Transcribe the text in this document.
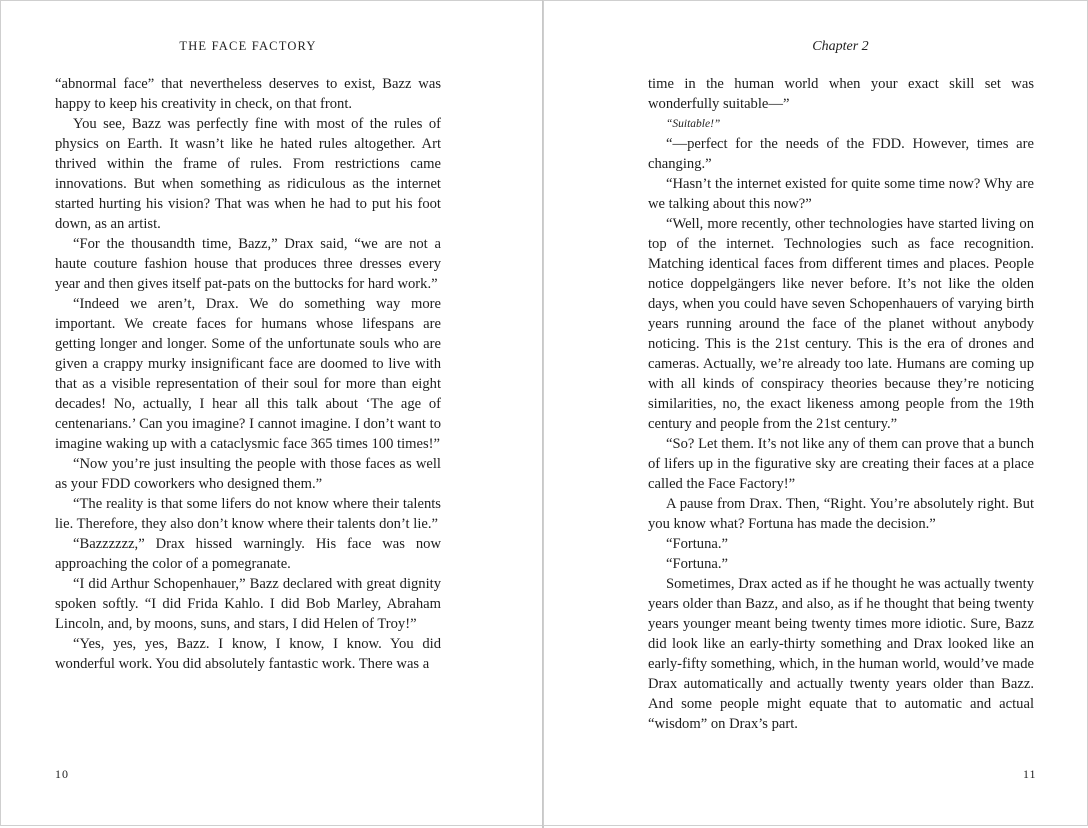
THE FACE FACTORY

“abnormal face” that nevertheless deserves to exist, Bazz was happy to keep his creativity in check, on that front.

You see, Bazz was perfectly fine with most of the rules of physics on Earth. It wasn’t like he hated rules altogether. Art thrived within the frame of rules. From restrictions came innovations. But when something as ridiculous as the internet started hurting his vision? That was when he had to put his foot down, as an artist.

“For the thousandth time, Bazz,” Drax said, “we are not a haute couture fashion house that produces three dresses every year and then gives itself pat-pats on the buttocks for hard work.”

“Indeed we aren’t, Drax. We do something way more important. We create faces for humans whose lifespans are getting longer and longer. Some of the unfortunate souls who are given a crappy murky insignificant face are doomed to live with that as a visible representation of their soul for more than eight decades! No, actually, I hear all this talk about ‘The age of centenarians.’ Can you imagine? I cannot imagine. I don’t want to imagine waking up with a cataclysmic face 365 times 100 times!”

“Now you’re just insulting the people with those faces as well as your FDD coworkers who designed them.”

“The reality is that some lifers do not know where their talents lie. Therefore, they also don’t know where their talents don’t lie.”

“Bazzzzzz,” Drax hissed warningly. His face was now approaching the color of a pomegranate.

“I did Arthur Schopenhauer,” Bazz declared with great dignity spoken softly. “I did Frida Kahlo. I did Bob Marley, Abraham Lincoln, and, by moons, suns, and stars, I did Helen of Troy!”

“Yes, yes, yes, Bazz. I know, I know, I know. You did wonderful work. You did absolutely fantastic work. There was a

10
Chapter 2

time in the human world when your exact skill set was wonderfully suitable—”

“Suitable!”

“—perfect for the needs of the FDD. However, times are changing.”

“Hasn’t the internet existed for quite some time now? Why are we talking about this now?”

“Well, more recently, other technologies have started living on top of the internet. Technologies such as face recognition. Matching identical faces from different times and places. People notice doppelgängers like never before. It’s not like the olden days, when you could have seven Schopenhauers of varying birth years running around the face of the planet without anybody noticing. This is the 21st century. This is the era of drones and cameras. Actually, we’re already too late. Humans are coming up with all kinds of conspiracy theories because they’re noticing similarities, no, the exact likeness among people from the 19th century and people from the 21st century.”

“So? Let them. It’s not like any of them can prove that a bunch of lifers up in the figurative sky are creating their faces at a place called the Face Factory!”

A pause from Drax. Then, “Right. You’re absolutely right. But you know what? Fortuna has made the decision.”

“Fortuna.”

“Fortuna.”

Sometimes, Drax acted as if he thought he was actually twenty years older than Bazz, and also, as if he thought that being twenty years younger meant being twenty times more idiotic. Sure, Bazz did look like an early-thirty something and Drax looked like an early-fifty something, which, in the human world, would’ve made Drax automatically and actually twenty years older than Bazz. And some people might equate that to automatic and actual “wisdom” on Drax’s part.

11
